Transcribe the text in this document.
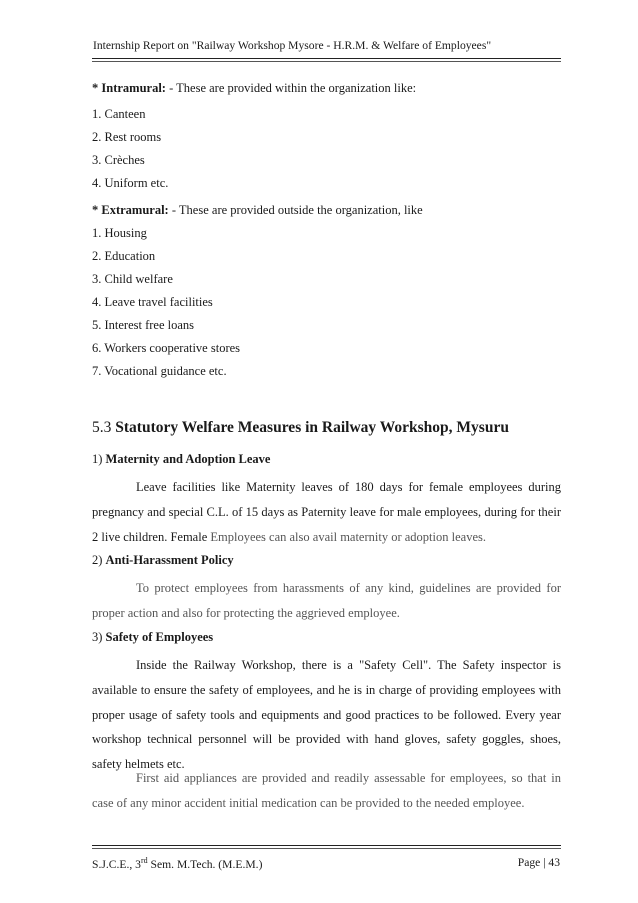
Internship Report on "Railway Workshop Mysore - H.R.M. & Welfare of Employees"
* Intramural: - These are provided within the organization like:
1. Canteen
2. Rest rooms
3. Crèches
4. Uniform etc.
* Extramural: - These are provided outside the organization, like
1. Housing
2. Education
3. Child welfare
4. Leave travel facilities
5. Interest free loans
6. Workers cooperative stores
7. Vocational guidance etc.
5.3 Statutory Welfare Measures in Railway Workshop, Mysuru
1) Maternity and Adoption Leave

Leave facilities like Maternity leaves of 180 days for female employees during pregnancy and special C.L. of 15 days as Paternity leave for male employees, during for their 2 live children. Female Employees can also avail maternity or adoption leaves.

2) Anti-Harassment Policy

To protect employees from harassments of any kind, guidelines are provided for proper action and also for protecting the aggrieved employee.

3) Safety of Employees

Inside the Railway Workshop, there is a "Safety Cell". The Safety inspector is available to ensure the safety of employees, and he is in charge of providing employees with proper usage of safety tools and equipments and good practices to be followed. Every year workshop technical personnel will be provided with hand gloves, safety goggles, shoes, safety helmets etc.

First aid appliances are provided and readily assessable for employees, so that in case of any minor accident initial medication can be provided to the needed employee.

S.J.C.E., 3rd Sem. M.Tech. (M.E.M.)	Page | 43
